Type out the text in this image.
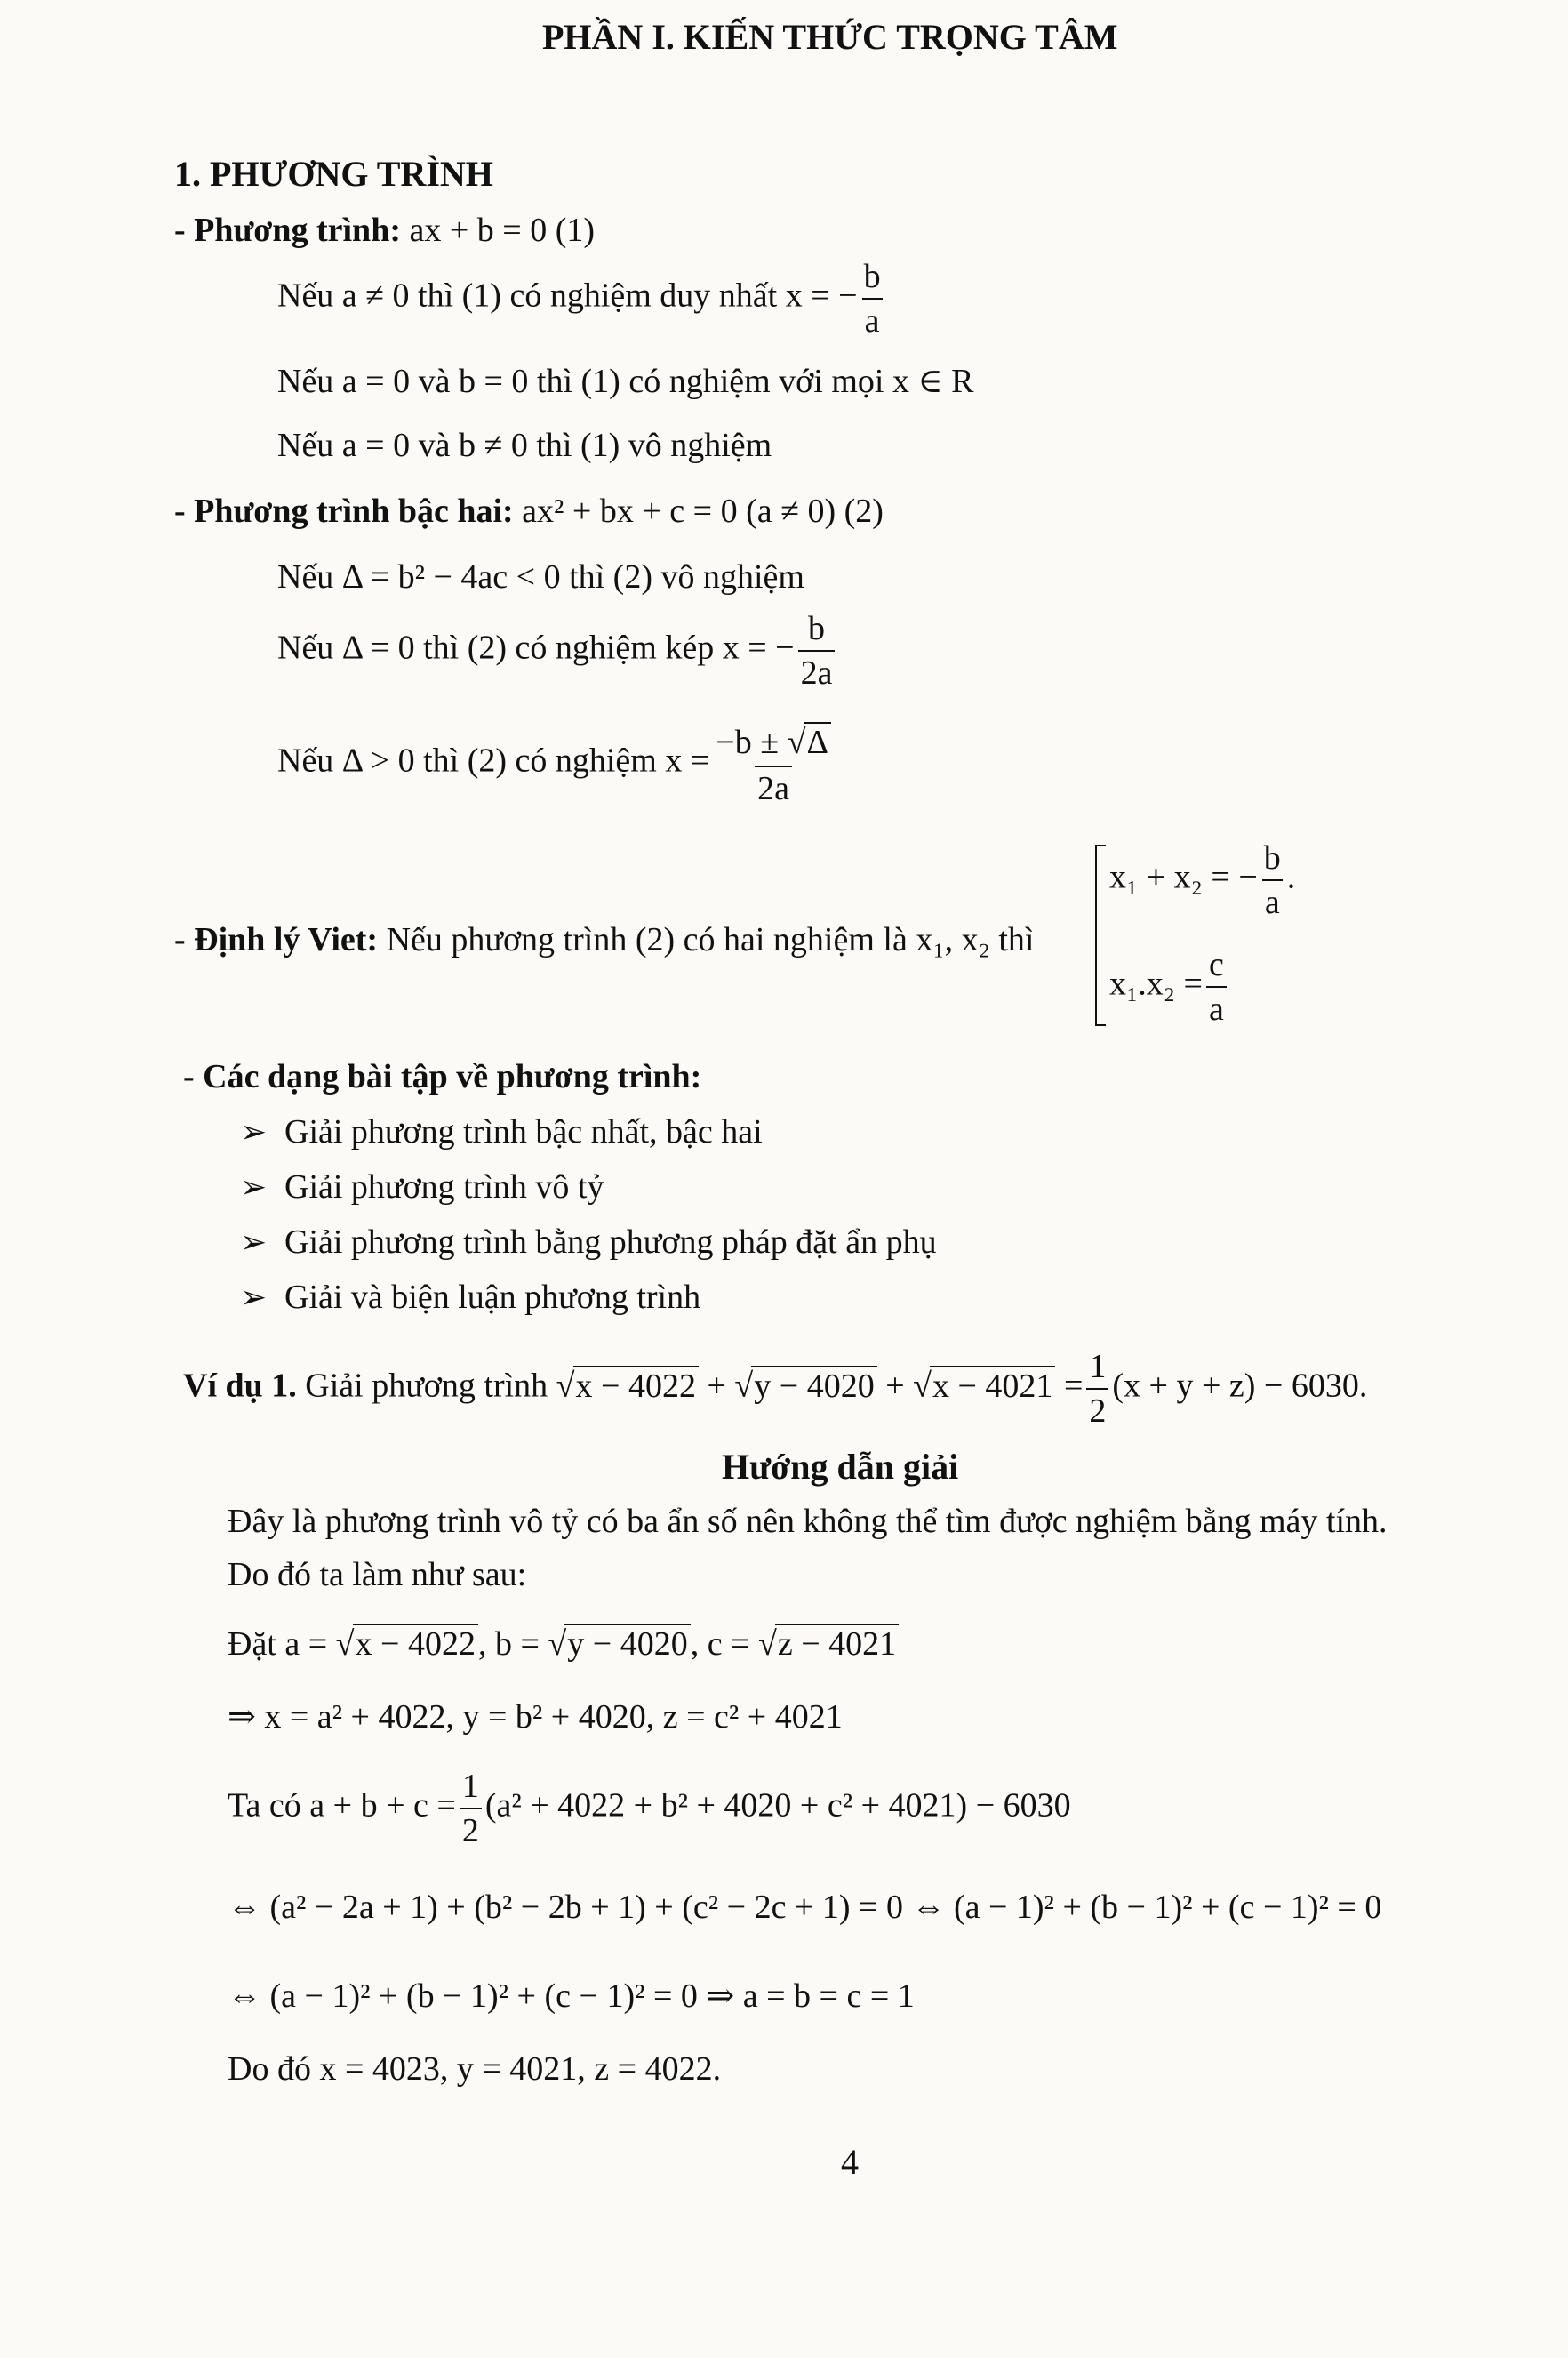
PHẦN I. KIẾN THỨC TRỌNG TÂM
1. PHƯƠNG TRÌNH
- Phương trình: ax + b = 0 (1)
Nếu a ≠ 0 thì (1) có nghiệm duy nhất x = − $\frac{b}{a}$
Nếu a = 0 và b = 0 thì (1) có nghiệm với mọi x ∈ R
Nếu a = 0 và b ≠ 0 thì (1) vô nghiệm
- Phương trình bậc hai: ax² + bx + c = 0 (a ≠ 0) (2)
Nếu Δ = b² − 4ac < 0 thì (2) vô nghiệm
Nếu Δ = 0 thì (2) có nghiệm kép x = − $\frac{b}{2a}$
Nếu Δ > 0 thì (2) có nghiệm $x = \frac{-b \pm √\Delta}{2a}$
- Định lý Viet: Nếu phương trình (2) có hai nghiệm là x₁, x₂ thì
x₁ + x₂ = − $\frac{b}{a}$ .
$x_1.x_2 = \frac{c}{a}$
- Các dạng bài tập về phương trình:
➢ Giải phương trình bậc nhất, bậc hai
➢ Giải phương trình vô tỷ
➢ Giải phương trình bằng phương pháp đặt ẩn phụ
➢ Giải và biện luận phương trình
Ví dụ 1. Giải phương trình $√x - 4022 + √y - 4020 + √x - 4021 = \frac{1}{2} (x + y + z) - 6030$.
Hướng dẫn giải
Đây là phương trình vô tỷ có ba ẩn số nên không thể tìm được nghiệm bằng máy tính.
Do đó ta làm như sau:
Đặt a = √x − 4022, b = √y − 4020, c = √z − 4021
⇒ x = a² + 4022, y = b² + 4020, z = c² + 4021
Ta có $a + b + c = \frac{1}{2} (a^2 + 4022 + b^2 + 4020 + c^2 + 4021) - 6030$
⇔ (a² − 2a + 1) + (b² − 2b + 1) + (c² − 2c + 1) = 0 ⇔ (a − 1)² + (b − 1)² + (c − 1)² = 0
⇔ (a − 1)² + (b − 1)² + (c − 1)² = 0 ⇒ a = b = c = 1
Do đó x = 4023, y = 4021, z = 4022.
4
